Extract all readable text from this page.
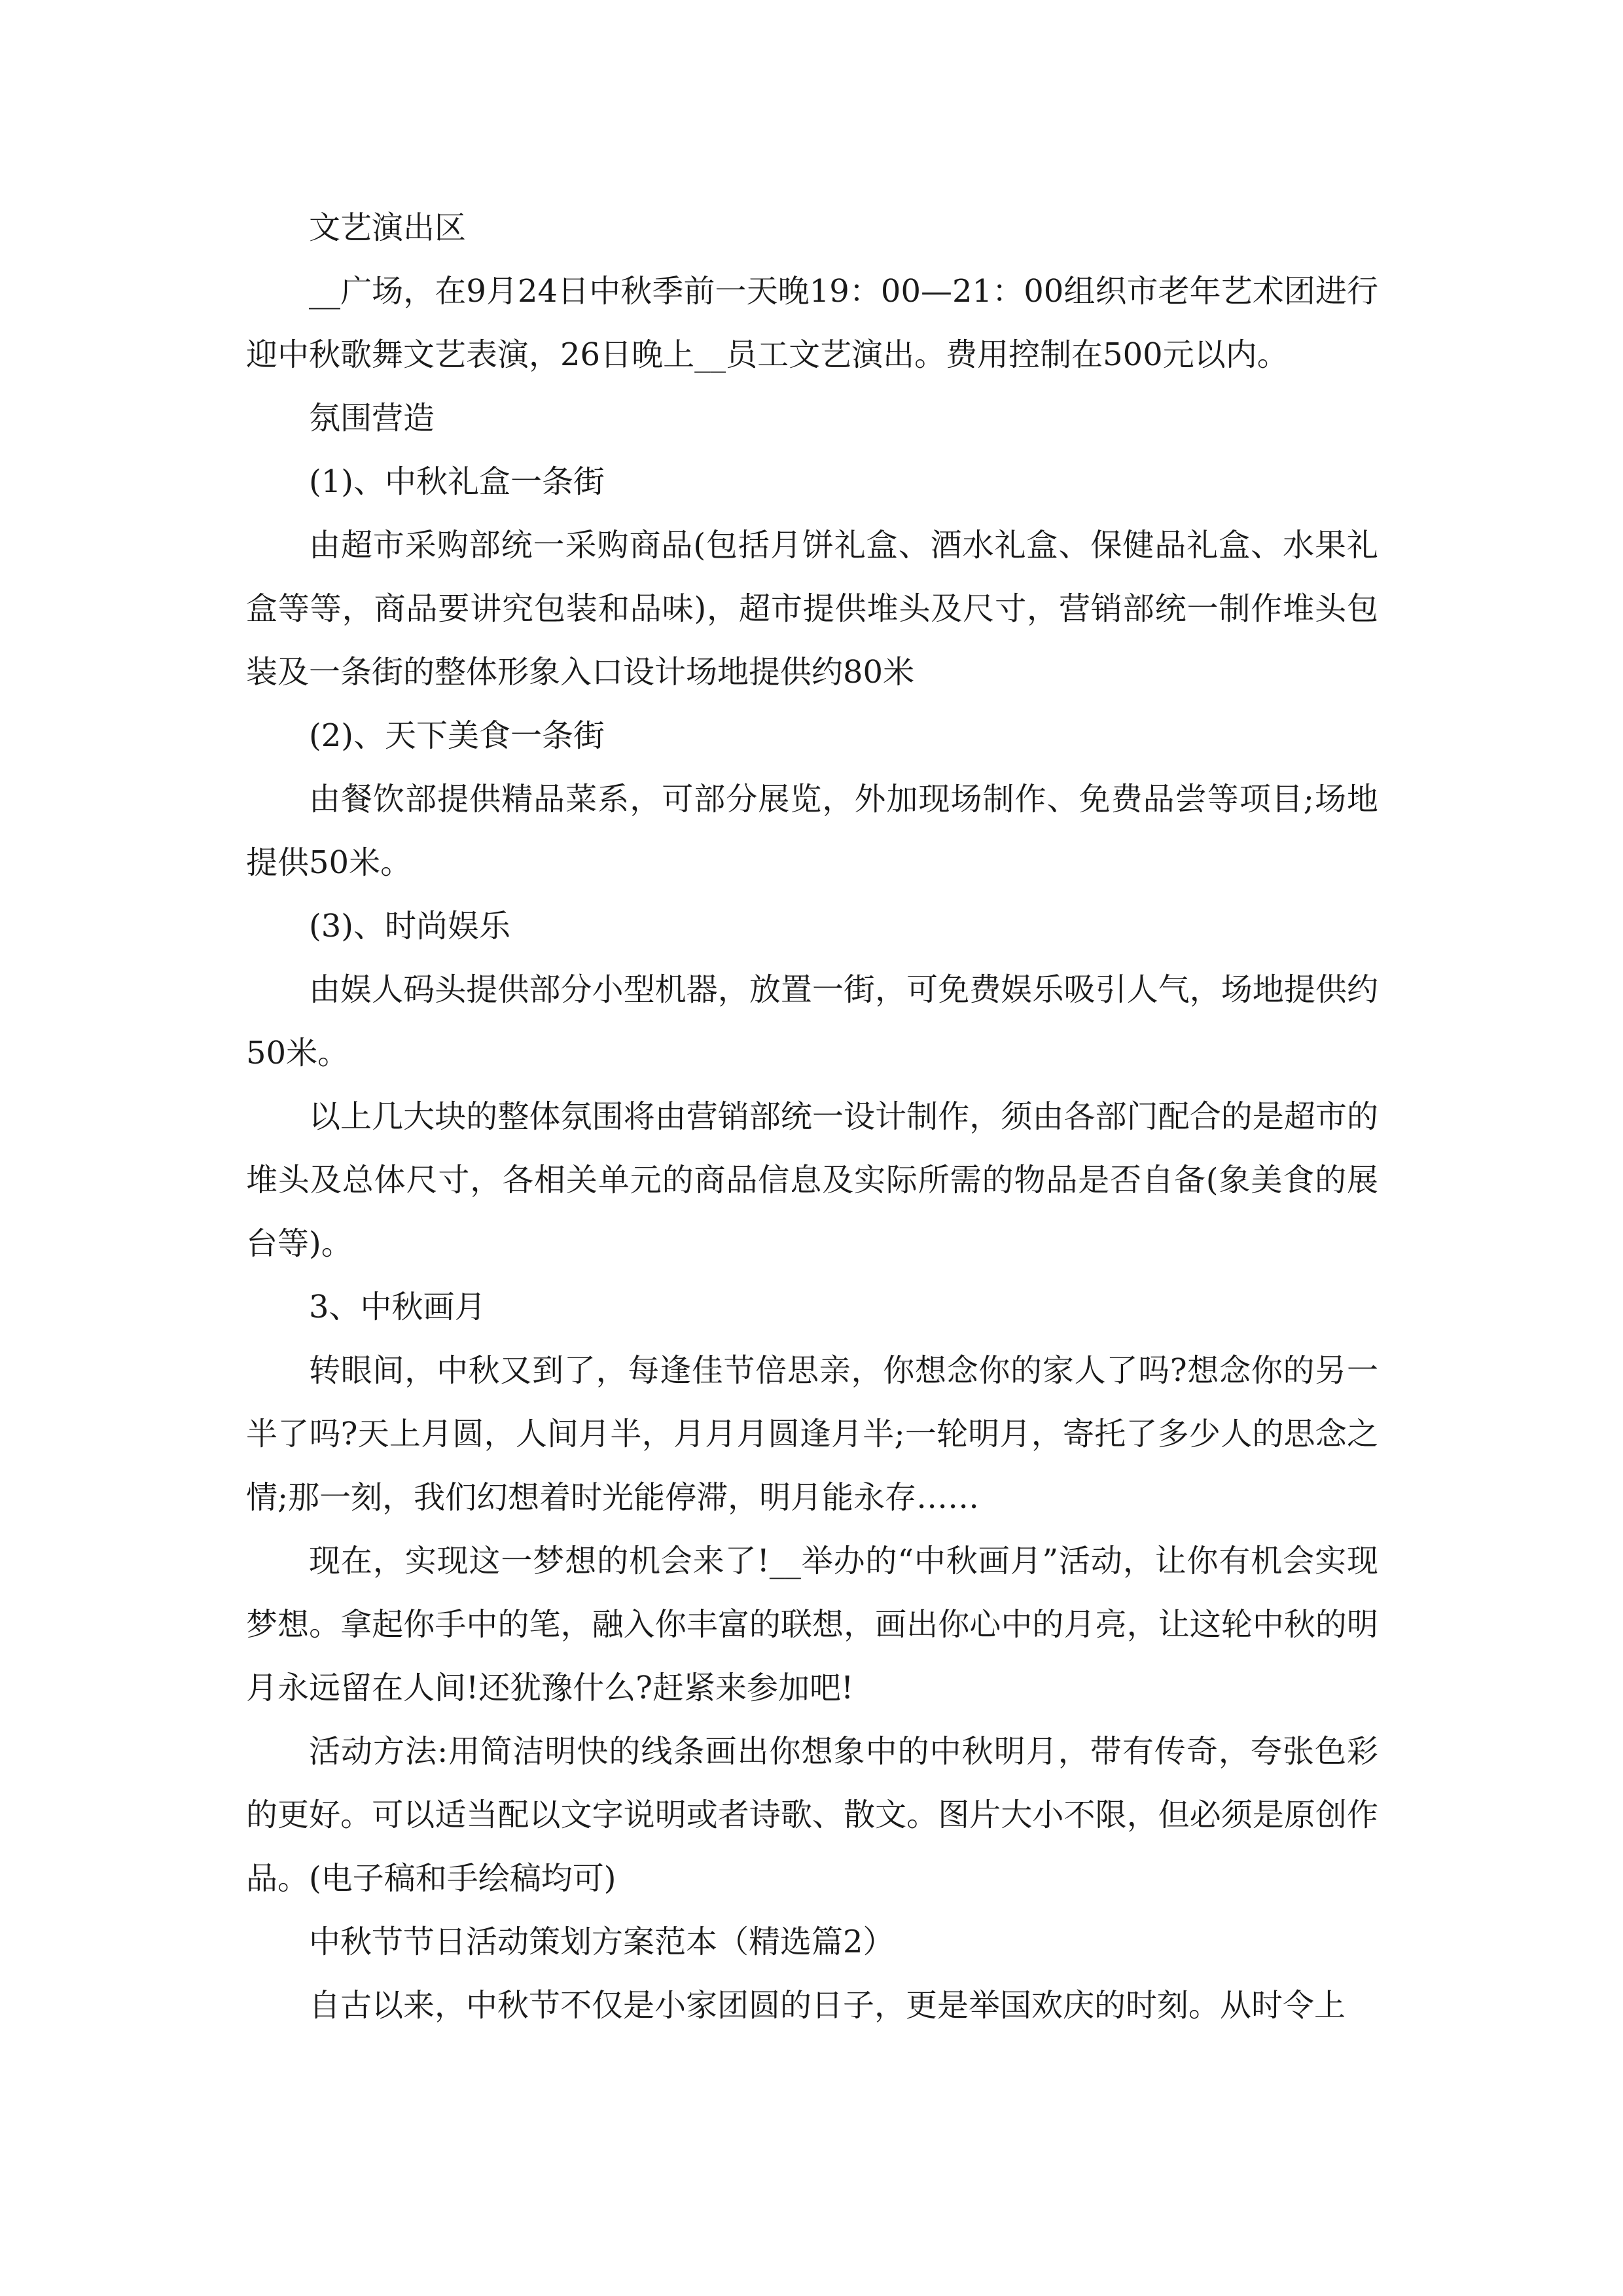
文艺演出区

__广场，在9月24日中秋季前一天晚19：00—21：00组织市老年艺术团进行迎中秋歌舞文艺表演，26日晚上__员工文艺演出。费用控制在500元以内。

氛围营造

(1)、中秋礼盒一条街

由超市采购部统一采购商品(包括月饼礼盒、酒水礼盒、保健品礼盒、水果礼盒等等，商品要讲究包装和品味)，超市提供堆头及尺寸，营销部统一制作堆头包装及一条街的整体形象入口设计场地提供约80米

(2)、天下美食一条街

由餐饮部提供精品菜系，可部分展览，外加现场制作、免费品尝等项目;场地提供50米。

(3)、时尚娱乐

由娱人码头提供部分小型机器，放置一街，可免费娱乐吸引人气，场地提供约50米。

以上几大块的整体氛围将由营销部统一设计制作，须由各部门配合的是超市的堆头及总体尺寸，各相关单元的商品信息及实际所需的物品是否自备(象美食的展台等)。

3、中秋画月

转眼间，中秋又到了，每逢佳节倍思亲，你想念你的家人了吗?想念你的另一半了吗?天上月圆，人间月半，月月月圆逢月半;一轮明月，寄托了多少人的思念之情;那一刻，我们幻想着时光能停滞，明月能永存……

现在，实现这一梦想的机会来了!__举办的“中秋画月”活动，让你有机会实现梦想。拿起你手中的笔，融入你丰富的联想，画出你心中的月亮，让这轮中秋的明月永远留在人间!还犹豫什么?赶紧来参加吧!

活动方法:用简洁明快的线条画出你想象中的中秋明月，带有传奇，夸张色彩的更好。可以适当配以文字说明或者诗歌、散文。图片大小不限，但必须是原创作品。(电子稿和手绘稿均可)

中秋节节日活动策划方案范本（精选篇2）

自古以来，中秋节不仅是小家团圆的日子，更是举国欢庆的时刻。从时令上
